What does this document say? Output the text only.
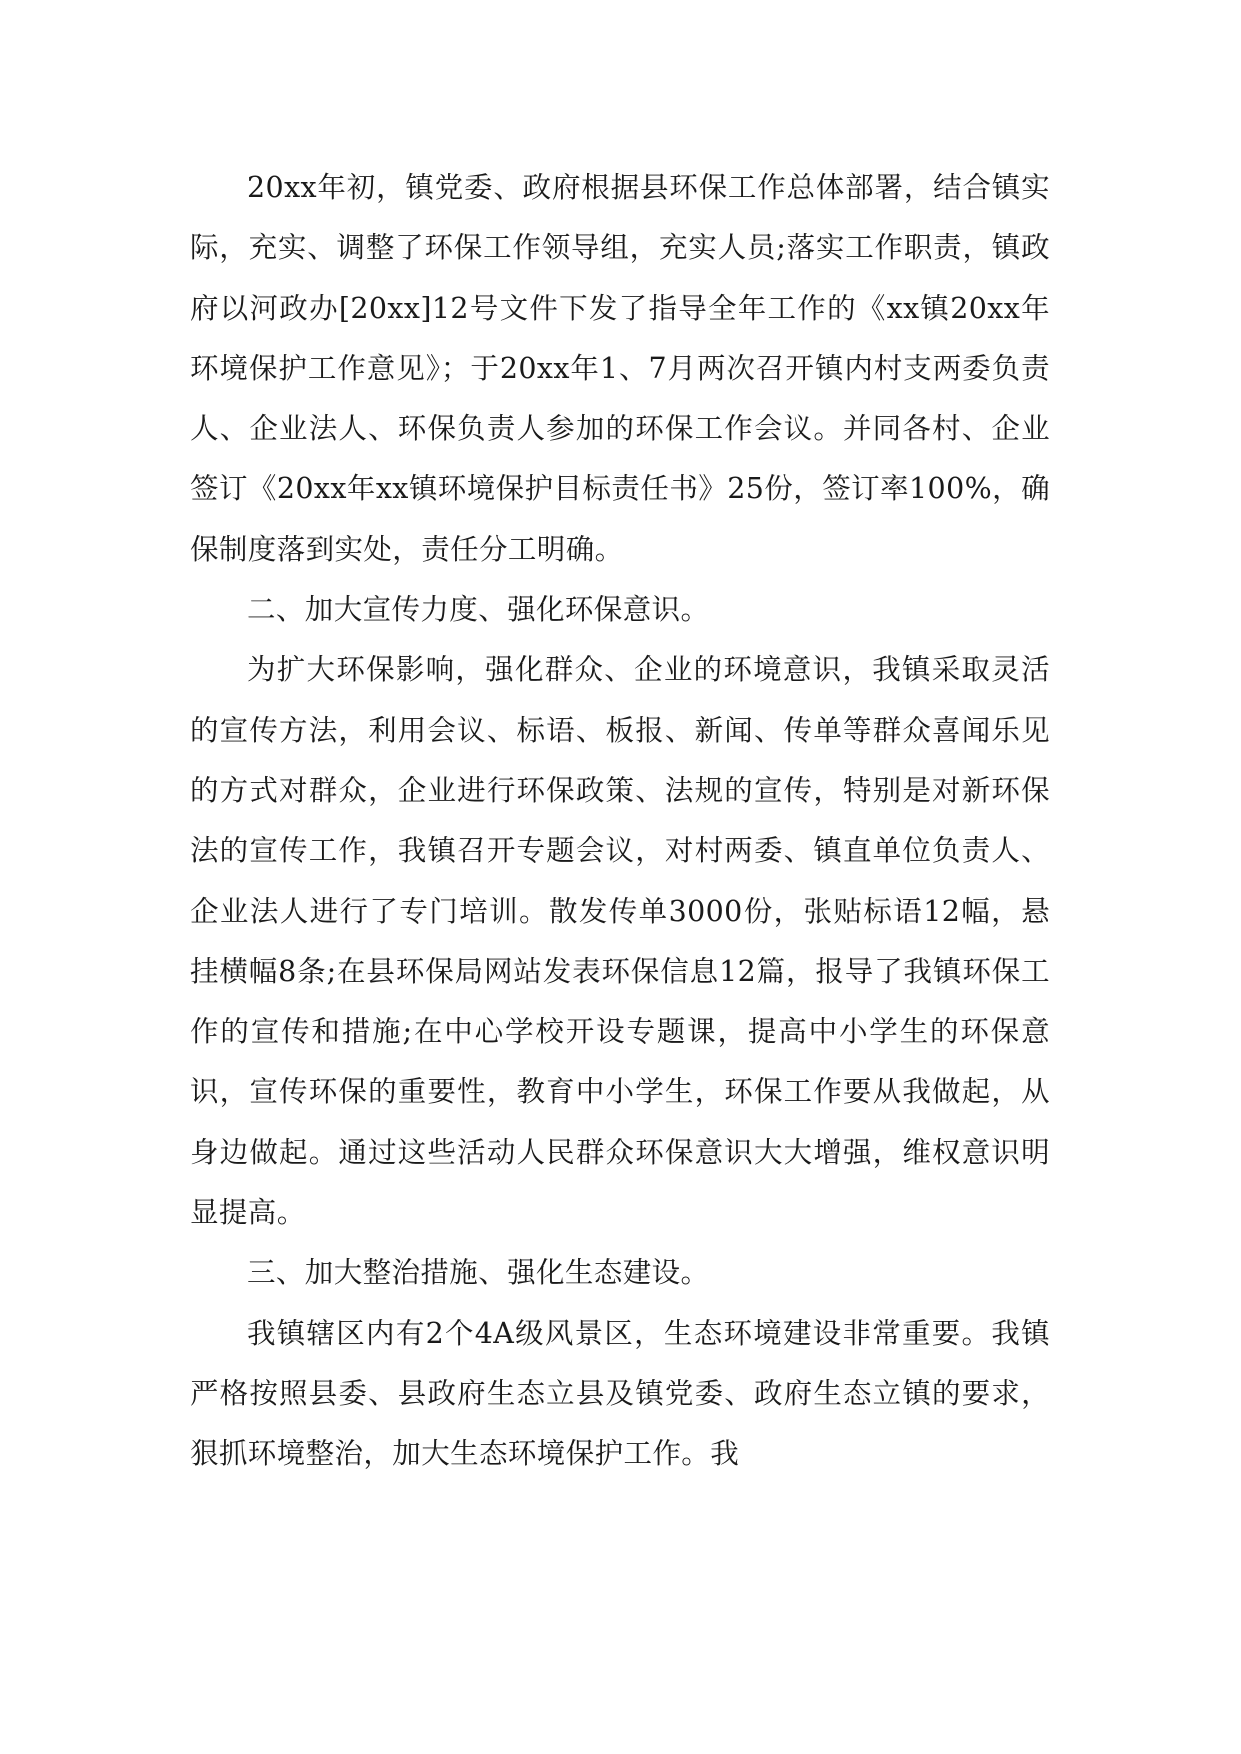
20xx年初，镇党委、政府根据县环保工作总体部署，结合镇实际，充实、调整了环保工作领导组，充实人员;落实工作职责，镇政府以河政办[20xx]12号文件下发了指导全年工作的《xx镇20xx年环境保护工作意见》；于20xx年1、7月两次召开镇内村支两委负责人、企业法人、环保负责人参加的环保工作会议。并同各村、企业签订《20xx年xx镇环境保护目标责任书》25份，签订率100%，确保制度落到实处，责任分工明确。

二、加大宣传力度、强化环保意识。

为扩大环保影响，强化群众、企业的环境意识，我镇采取灵活的宣传方法，利用会议、标语、板报、新闻、传单等群众喜闻乐见的方式对群众，企业进行环保政策、法规的宣传，特别是对新环保法的宣传工作，我镇召开专题会议，对村两委、镇直单位负责人、企业法人进行了专门培训。散发传单3000份，张贴标语12幅，悬挂横幅8条;在县环保局网站发表环保信息12篇，报导了我镇环保工作的宣传和措施;在中心学校开设专题课，提高中小学生的环保意识，宣传环保的重要性，教育中小学生，环保工作要从我做起，从身边做起。通过这些活动人民群众环保意识大大增强，维权意识明显提高。

三、加大整治措施、强化生态建设。

我镇辖区内有2个4A级风景区，生态环境建设非常重要。我镇严格按照县委、县政府生态立县及镇党委、政府生态立镇的要求，狠抓环境整治，加大生态环境保护工作。我
